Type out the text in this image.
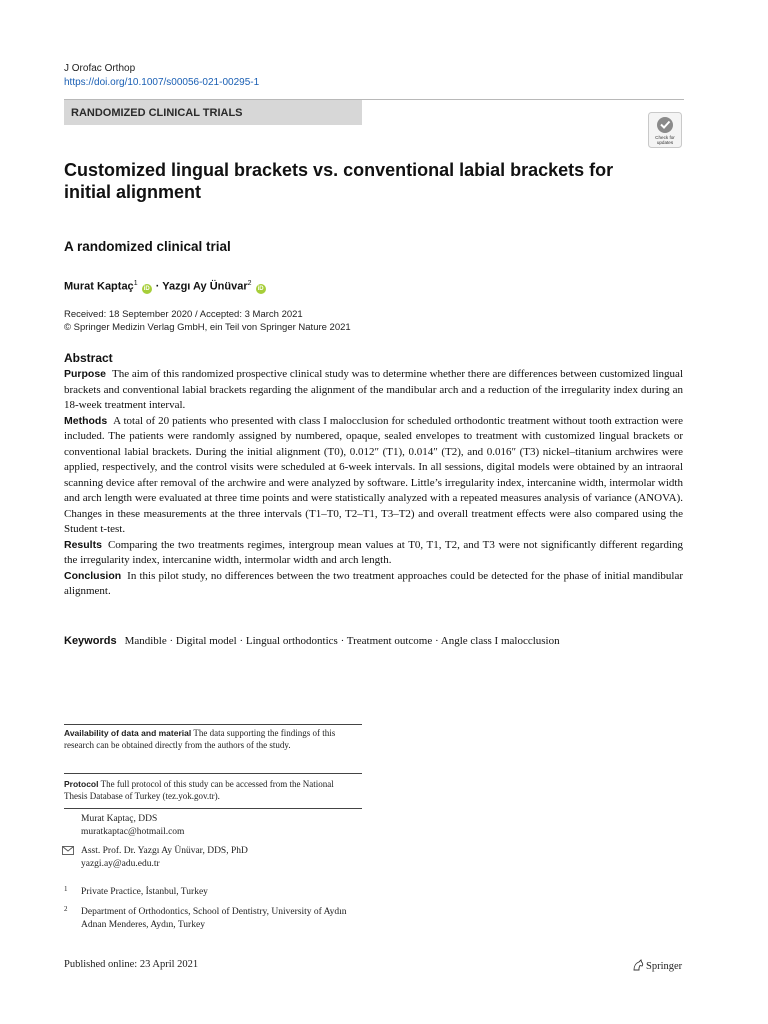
J Orofac Orthop
https://doi.org/10.1007/s00056-021-00295-1
RANDOMIZED CLINICAL TRIALS
Check for
updates
Customized lingual brackets vs. conventional labial brackets for initial alignment
A randomized clinical trial
Murat Kaptaç$^1$ iD · Yazgı Ay Ünüvar$^2$ iD
Received: 18 September 2020 / Accepted: 3 March 2021
© Springer Medizin Verlag GmbH, ein Teil von Springer Nature 2021
Abstract

Purpose The aim of this randomized prospective clinical study was to determine whether there are differences between customized lingual brackets and conventional labial brackets regarding the alignment of the mandibular arch and a reduction of the irregularity index during an 18-week treatment interval.

Methods A total of 20 patients who presented with class I malocclusion for scheduled orthodontic treatment without tooth extraction were included. The patients were randomly assigned by numbered, opaque, sealed envelopes to treatment with customized lingual brackets or conventional labial brackets. During the initial alignment (T0), 0.012″ (T1), 0.014″ (T2), and 0.016″ (T3) nickel–titanium archwires were applied, respectively, and the control visits were scheduled at 6-week intervals. In all sessions, digital models were obtained by an intraoral scanning device after removal of the archwire and were analyzed by software. Little’s irregularity index, intercanine width, intermolar width and arch length were evaluated at three time points and were statistically analyzed with a repeated measures analysis of variance (ANOVA). Changes in these measurements at the three intervals (T1–T0, T2–T1, T3–T2) and overall treatment effects were also compared using the Student t-test.

Results Comparing the two treatments regimes, intergroup mean values at T0, T1, T2, and T3 were not significantly different regarding the irregularity index, intercanine width, intermolar width and arch length.

Conclusion In this pilot study, no differences between the two treatment approaches could be detected for the phase of initial mandibular alignment.

Keywords Mandible · Digital model · Lingual orthodontics · Treatment outcome · Angle class I malocclusion
Availability of data and material The data supporting the findings of this research can be obtained directly from the authors of the study.
Protocol The full protocol of this study can be accessed from the National Thesis Database of Turkey (tez.yok.gov.tr).
Murat Kaptaç, DDS
muratkaptac@hotmail.com
Asst. Prof. Dr. Yazgı Ay Ünüvar, DDS, PhD
yazgi.ay@adu.edu.tr
1 Private Practice, İstanbul, Turkey
2 Department of Orthodontics, School of Dentistry, University of Aydın Adnan Menderes, Aydın, Turkey
Published online: 23 April 2021	Springer
